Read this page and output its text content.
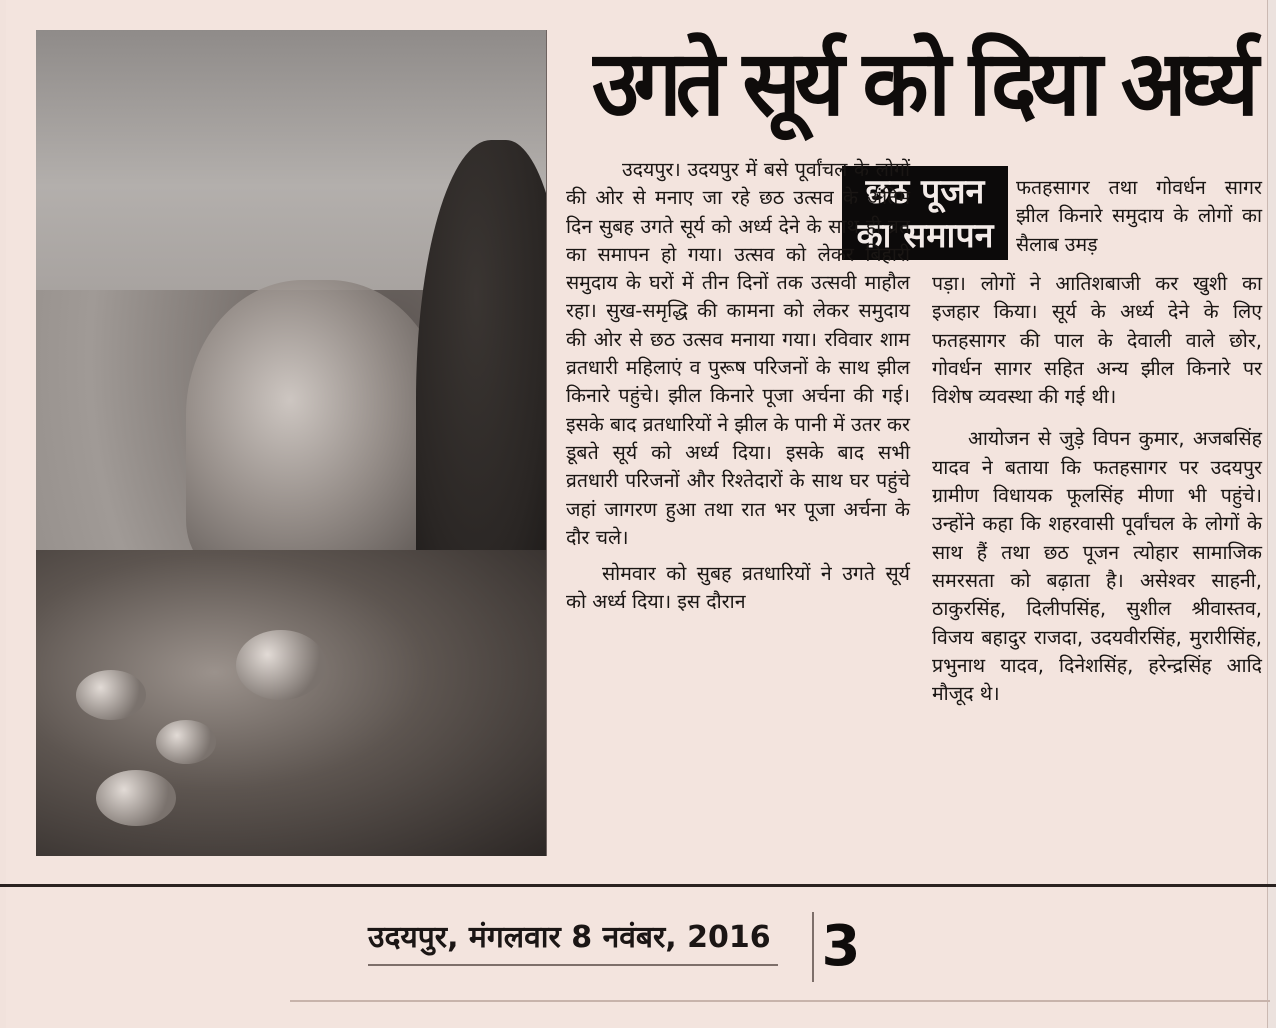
उगते सूर्य को दिया अर्घ्य
छठ पूजन
का समापन

उदयपुर। उदयपुर में बसे पूर्वांचल के लोगों की ओर से मनाए जा रहे छठ उत्सव के अंतिम दिन सुबह उगते सूर्य को अर्ध्य देने के साथ ही व्रत का समापन हो गया। उत्सव को लेकर बिहारी समुदाय के घरों में तीन दिनों तक उत्सवी माहौल रहा। सुख-समृद्धि की कामना को लेकर समुदाय की ओर से छठ उत्सव मनाया गया। रविवार शाम व्रतधारी महिलाएं व पुरूष परिजनों के साथ झील किनारे पहुंचे। झील किनारे पूजा अर्चना की गई। इसके बाद व्रतधारियों ने झील के पानी में उतर कर डूबते सूर्य को अर्ध्य दिया। इसके बाद सभी व्रतधारी परिजनों और रिश्तेदारों के साथ घर पहुंचे जहां जागरण हुआ तथा रात भर पूजा अर्चना के दौर चले।

सोमवार को सुबह व्रतधारियों ने उगते सूर्य को अर्ध्य दिया। इस दौरान

फतहसागर तथा गोवर्धन सागर झील किनारे समुदाय के लोगों का सैलाब उमड़

पड़ा। लोगों ने आतिशबाजी कर खुशी का इजहार किया। सूर्य के अर्ध्य देने के लिए फतहसागर की पाल के देवाली वाले छोर, गोवर्धन सागर सहित अन्य झील किनारे पर विशेष व्यवस्था की गई थी।

आयोजन से जुड़े विपन कुमार, अजबसिंह यादव ने बताया कि फतहसागर पर उदयपुर ग्रामीण विधायक फूलसिंह मीणा भी पहुंचे। उन्होंने कहा कि शहरवासी पूर्वांचल के लोगों के साथ हैं तथा छठ पूजन त्योहार सामाजिक समरसता को बढ़ाता है। असेश्वर साहनी, ठाकुरसिंह, दिलीपसिंह, सुशील श्रीवास्तव, विजय बहादुर राजदा, उदयवीरसिंह, मुरारीसिंह, प्रभुनाथ यादव, दिनेशसिंह, हरेन्द्रसिंह आदि मौजूद थे।

उदयपुर, मंगलवार 8 नवंबर, 2016 3
